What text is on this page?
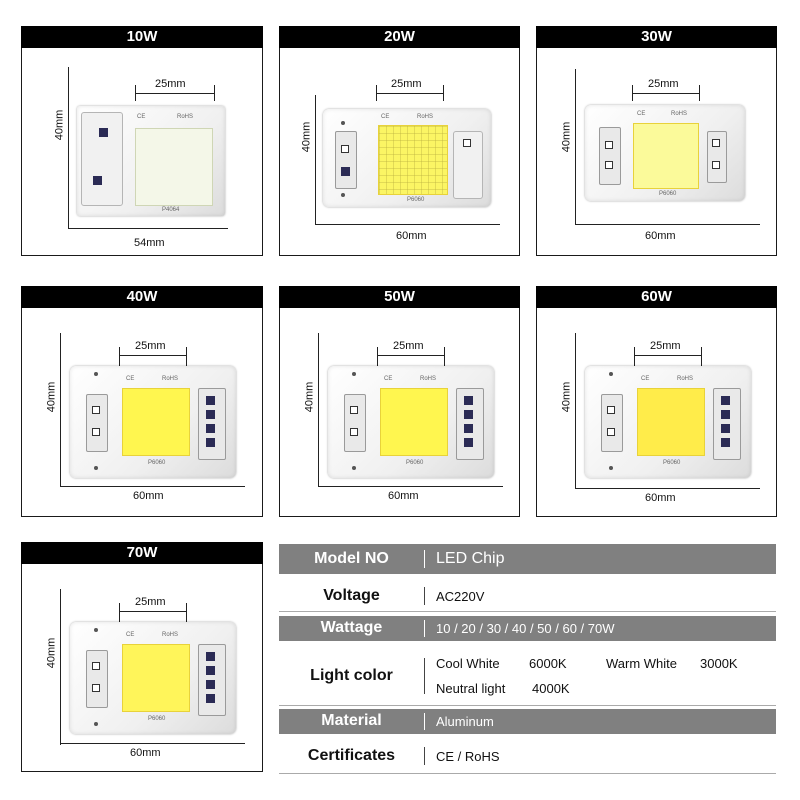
10W
40mm
54mm
25mm
CE	RoHS
P4064
20W
40mm
60mm
25mm
CE	RoHS
P6060
30W
40mm
60mm
25mm
CE	RoHS
P6060
40W
40mm
60mm
25mm
CE	RoHS
P6060
50W
40mm
60mm
25mm
CE	RoHS
P6060
60W
40mm
60mm
25mm
CE	RoHS
P6060
70W
40mm
60mm
25mm
CE	RoHS
P6060
Model NO	LED Chip
Voltage	AC220V
Wattage	10 / 20 / 30 / 40 / 50 / 60 / 70W
Light color
Cool White 6000K	Warm White 3000K
Neutral light 4000K
Material	Aluminum
Certificates	CE / RoHS
